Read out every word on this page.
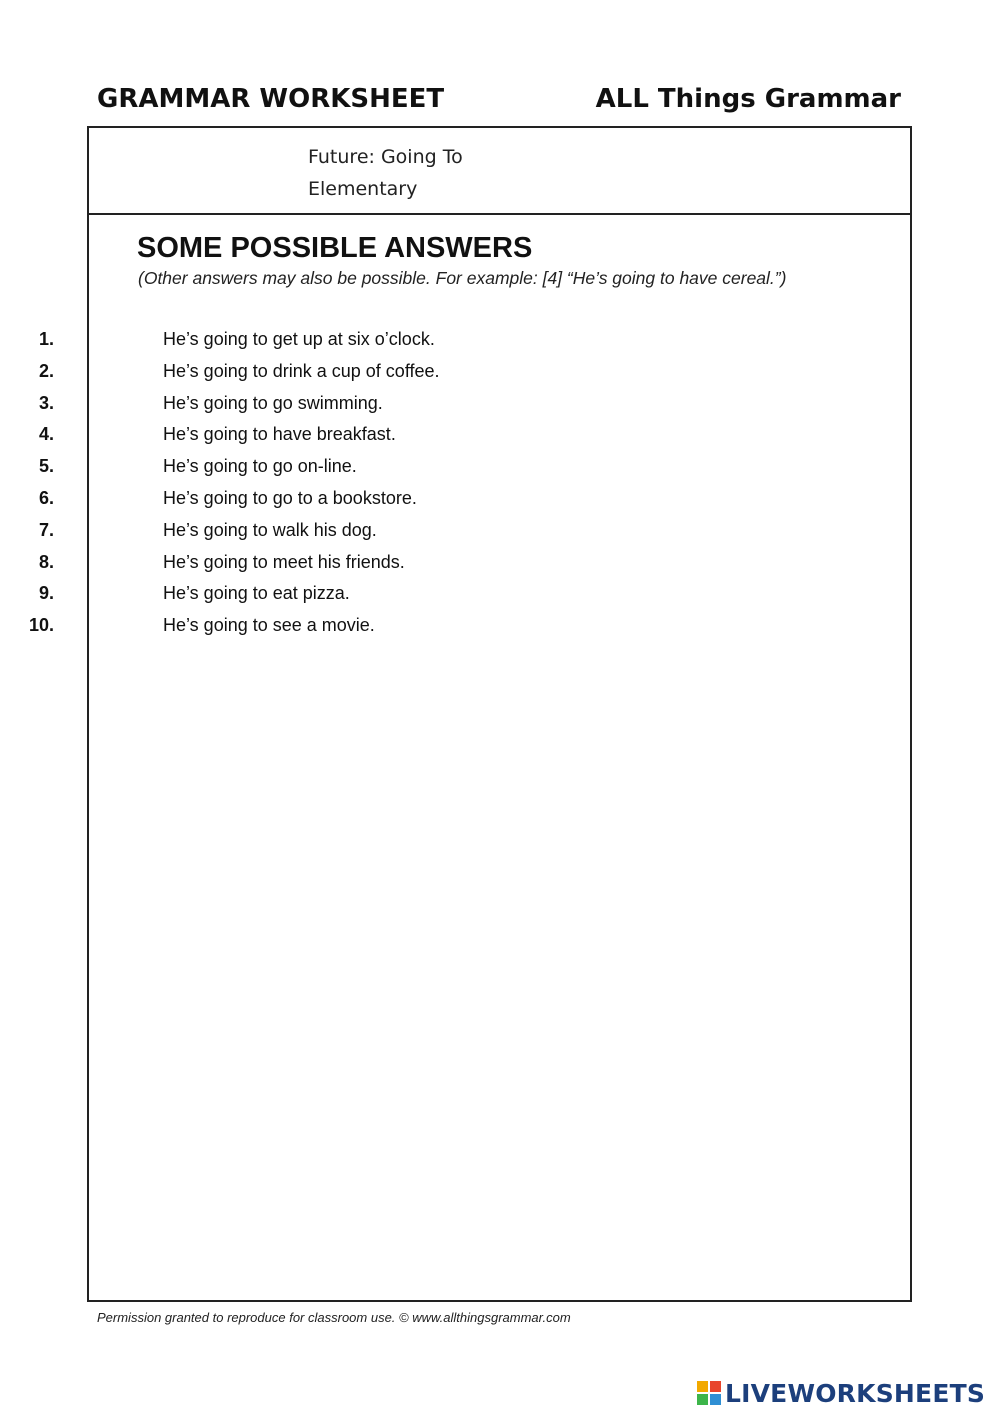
GRAMMAR WORKSHEET	ALL Things Grammar
Future: Going To
Elementary
SOME POSSIBLE ANSWERS
(Other answers may also be possible. For example: [4] “He’s going to have cereal.”)
1.	He’s going to get up at six o’clock.
2.	He’s going to drink a cup of coffee.
3.	He’s going to go swimming.
4.	He’s going to have breakfast.
5.	He’s going to go on-line.
6.	He’s going to go to a bookstore.
7.	He’s going to walk his dog.
8.	He’s going to meet his friends.
9.	He’s going to eat pizza.
10.	He’s going to see a movie.
Permission granted to reproduce for classroom use. © www.allthingsgrammar.com
LIVEWORKSHEETS
